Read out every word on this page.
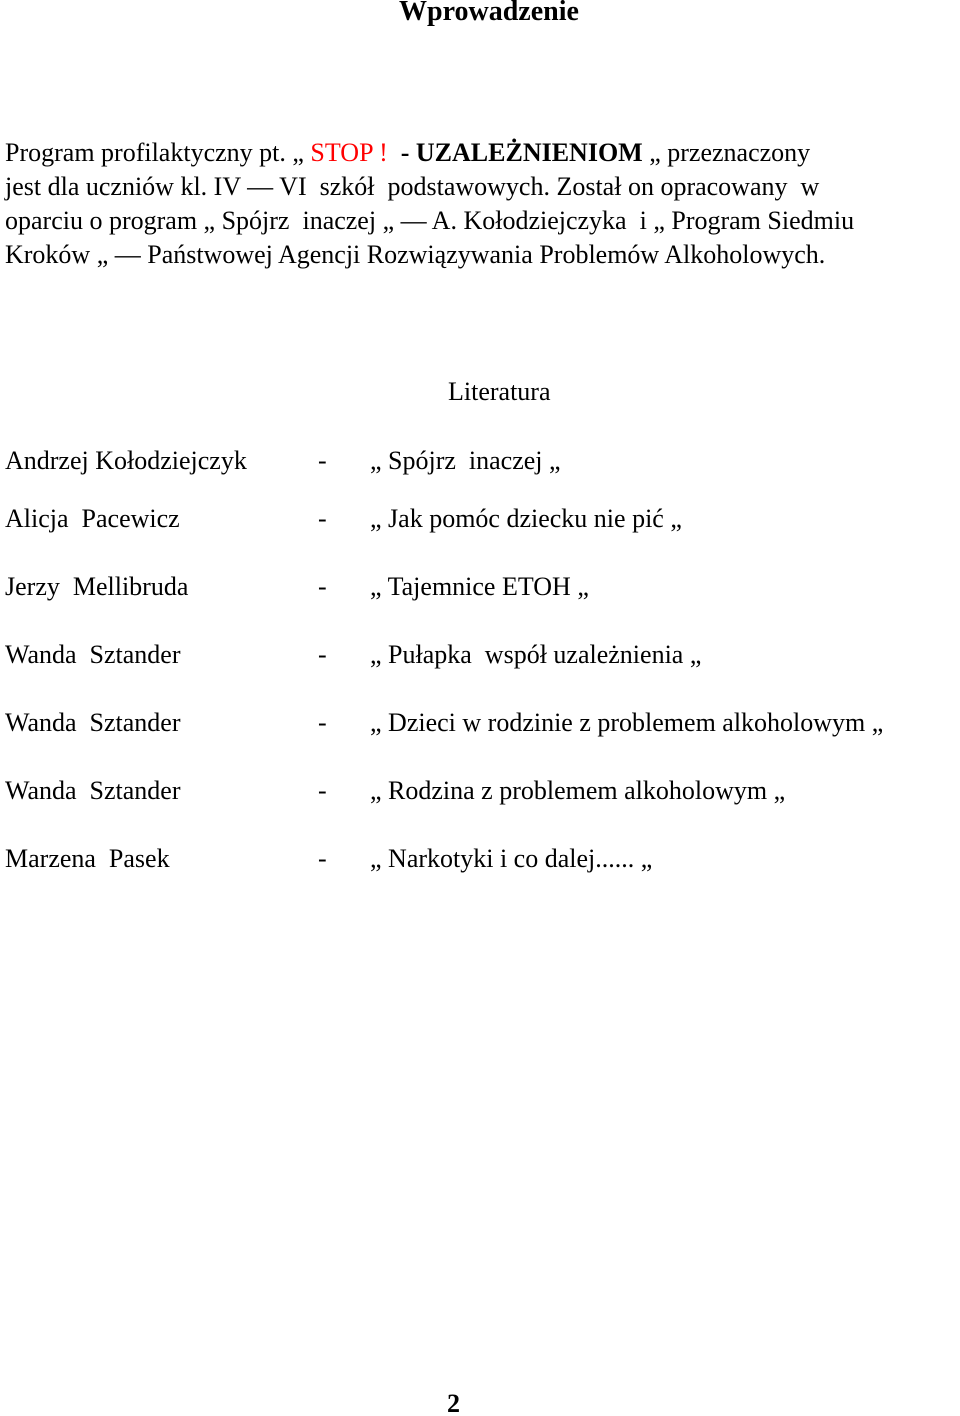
Wprowadzenie
Program profilaktyczny pt. „ STOP !  - UZALEŻNIENIOM „ przeznaczony
jest dla uczniów kl. IV — VI  szkół  podstawowych. Został on opracowany  w
oparciu o program „ Spójrz  inaczej „ — A. Kołodziejczyka  i „ Program Siedmiu
Kroków „ — Państwowej Agencji Rozwiązywania Problemów Alkoholowych.
Literatura
Andrzej Kołodziejczyk	- „ Spójrz  inaczej „
Alicja  Pacewicz	- „ Jak pomóc dziecku nie pić „
Jerzy  Mellibruda	- „ Tajemnice ETOH „
Wanda  Sztander	- „ Pułapka  współ uzależnienia „
Wanda  Sztander	- „ Dzieci w rodzinie z problemem alkoholowym „
Wanda  Sztander	- „ Rodzina z problemem alkoholowym „
Marzena  Pasek	- „ Narkotyki i co dalej...... „
2
